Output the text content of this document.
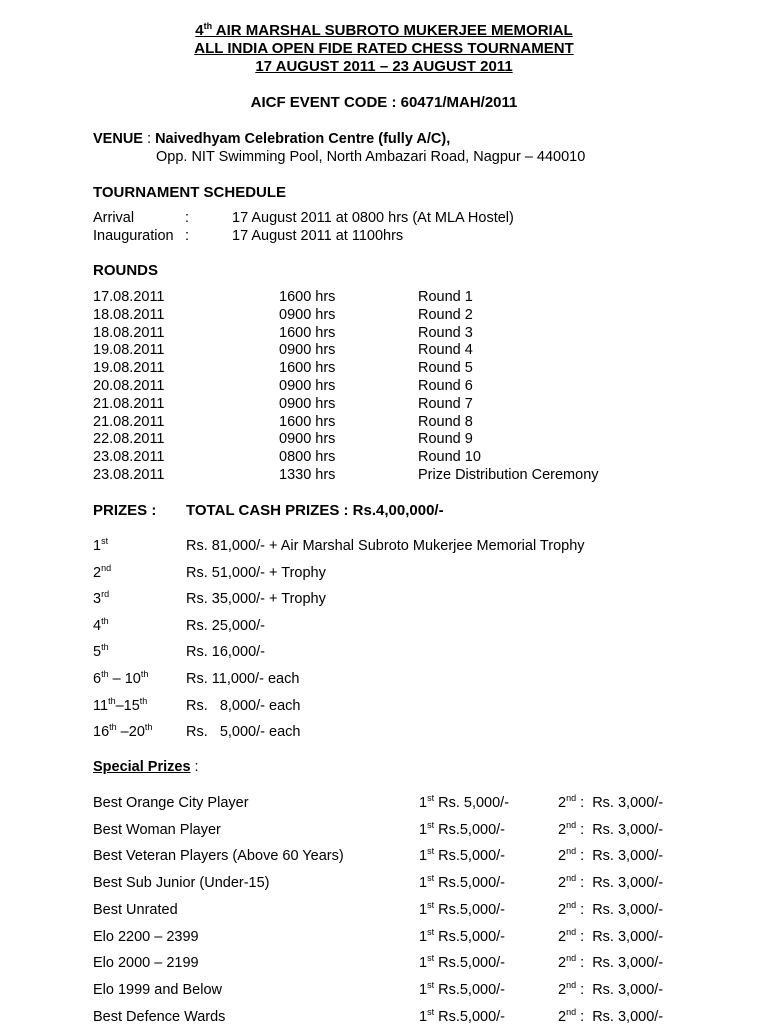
4th AIR MARSHAL SUBROTO MUKERJEE MEMORIAL
ALL INDIA OPEN FIDE RATED CHESS TOURNAMENT
17 AUGUST 2011 – 23 AUGUST 2011
AICF EVENT CODE : 60471/MAH/2011
VENUE : Naivedhyam Celebration Centre (fully A/C),
Opp. NIT Swimming Pool, North Ambazari Road, Nagpur – 440010
TOURNAMENT SCHEDULE
Arrival	:	17 August 2011 at 0800 hrs (At MLA Hostel)
Inauguration :	17 August 2011 at 1100hrs
ROUNDS
17.08.2011	1600 hrs	Round 1
18.08.2011	0900 hrs	Round 2
18.08.2011	1600 hrs	Round 3
19.08.2011	0900 hrs	Round 4
19.08.2011	1600 hrs	Round 5
20.08.2011	0900 hrs	Round 6
21.08.2011	0900 hrs	Round 7
21.08.2011	1600 hrs	Round 8
22.08.2011	0900 hrs	Round 9
23.08.2011	0800 hrs	Round 10
23.08.2011	1330 hrs	Prize Distribution Ceremony
PRIZES : TOTAL CASH PRIZES : Rs.4,00,000/-
1st	Rs. 81,000/- + Air Marshal Subroto Mukerjee Memorial Trophy
2nd	Rs. 51,000/- + Trophy
3rd	Rs. 35,000/- + Trophy
4th	Rs. 25,000/-
5th	Rs. 16,000/-
6th – 10th	Rs. 11,000/- each
11th–15th	Rs.   8,000/- each
16th –20th Rs.   5,000/- each
Special Prizes :
Best Orange City Player	1st Rs. 5,000/-	2nd :  Rs. 3,000/-
Best Woman Player	1st Rs.5,000/-	2nd :  Rs. 3,000/-
Best Veteran Players (Above 60 Years)	1st Rs.5,000/-	2nd :  Rs. 3,000/-
Best Sub Junior (Under-15)	1st Rs.5,000/-	2nd :  Rs. 3,000/-
Best Unrated	1st Rs.5,000/-	2nd :  Rs. 3,000/-
Elo 2200 – 2399	1st Rs.5,000/-	2nd :  Rs. 3,000/-
Elo 2000 – 2199	1st Rs.5,000/-	2nd :  Rs. 3,000/-
Elo 1999 and Below	1st Rs.5,000/-	2nd :  Rs. 3,000/-
Best Defence Wards	1st Rs.5,000/-	2nd :  Rs. 3,000/-
